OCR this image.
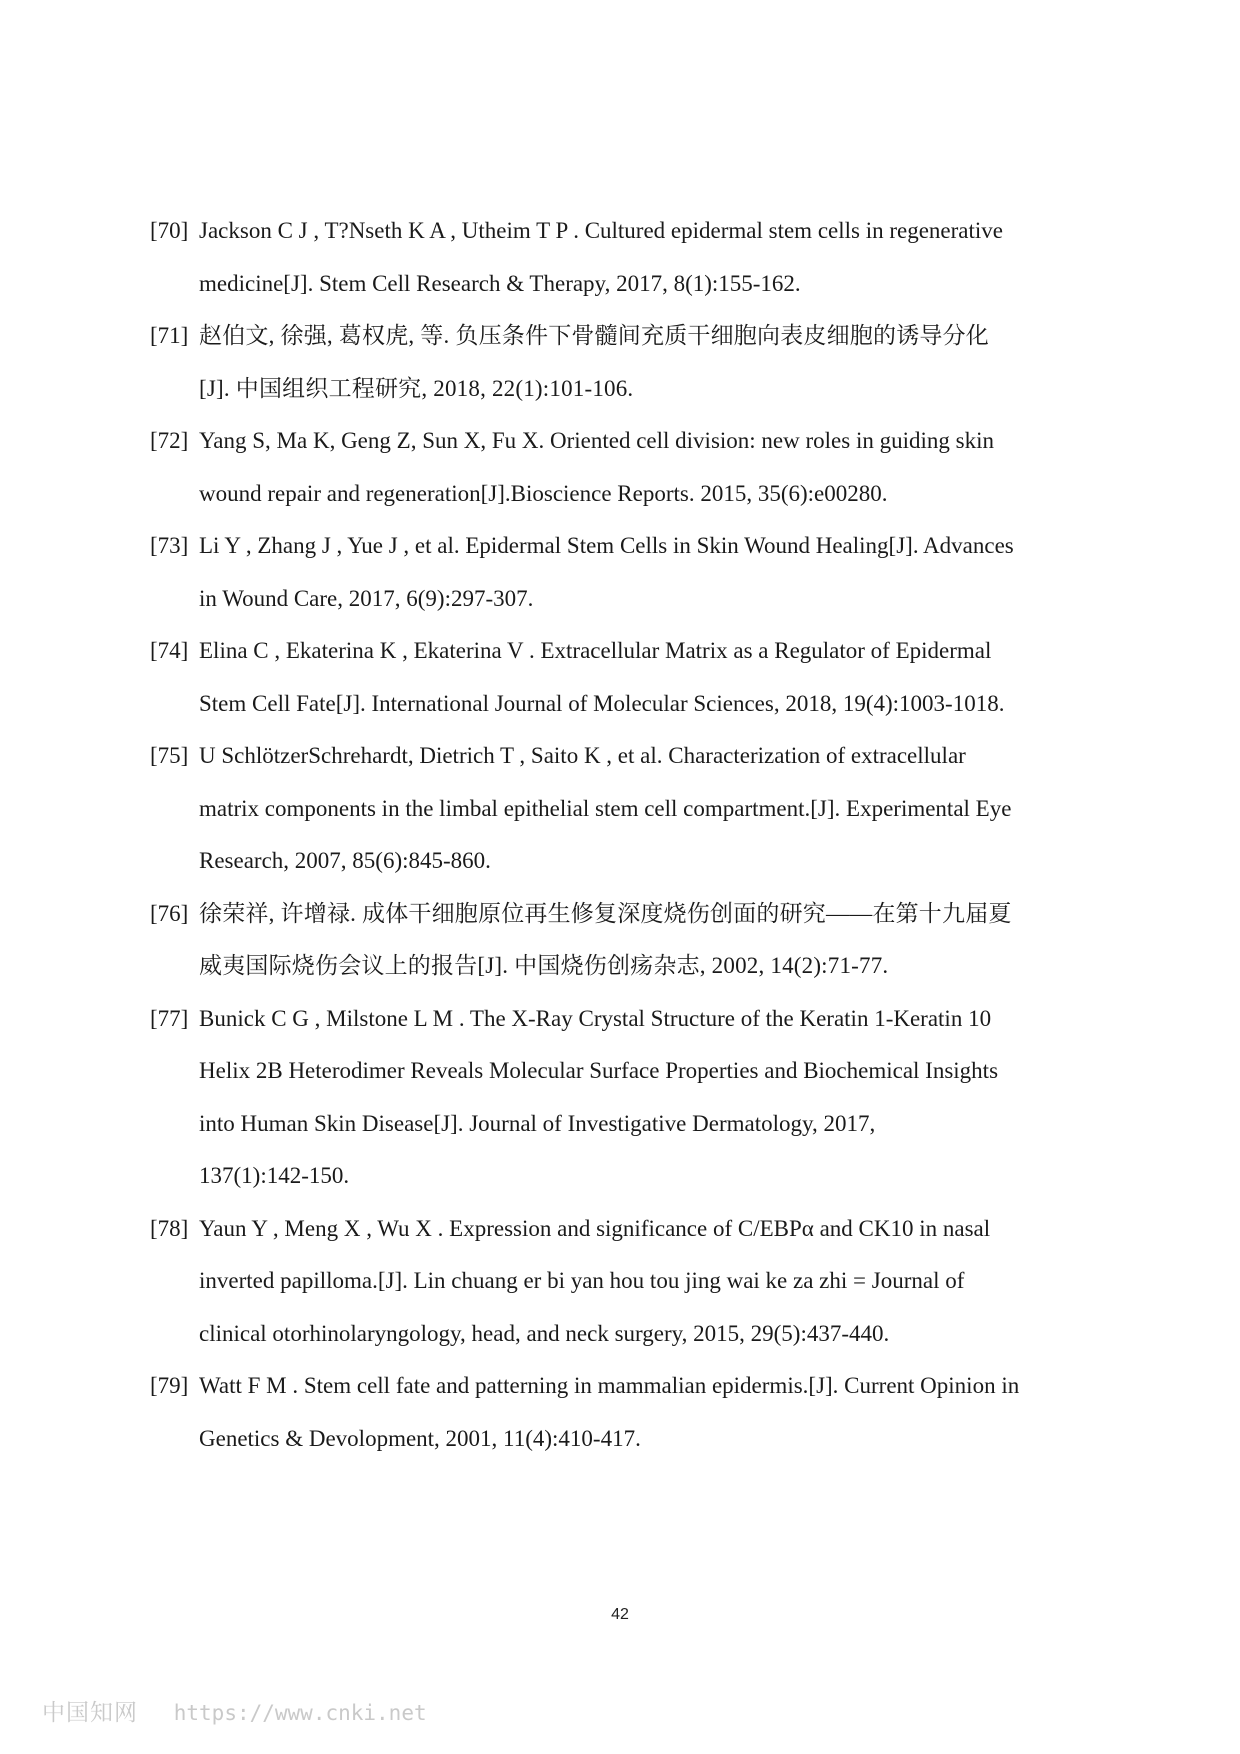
[70] Jackson C J , T?Nseth K A , Utheim T P . Cultured epidermal stem cells in regenerative
medicine[J]. Stem Cell Research & Therapy, 2017, 8(1):155-162.
[71] 赵伯文, 徐强, 葛权虎, 等. 负压条件下骨髓间充质干细胞向表皮细胞的诱导分化
[J]. 中国组织工程研究, 2018, 22(1):101-106.
[72] Yang S, Ma K, Geng Z, Sun X, Fu X. Oriented cell division: new roles in guiding skin
wound repair and regeneration[J].Bioscience Reports. 2015, 35(6):e00280.
[73] Li Y , Zhang J , Yue J , et al. Epidermal Stem Cells in Skin Wound Healing[J]. Advances
in Wound Care, 2017, 6(9):297-307.
[74] Elina C , Ekaterina K , Ekaterina V . Extracellular Matrix as a Regulator of Epidermal
Stem Cell Fate[J]. International Journal of Molecular Sciences, 2018, 19(4):1003-1018.
[75] U SchlötzerSchrehardt, Dietrich T , Saito K , et al. Characterization of extracellular
matrix components in the limbal epithelial stem cell compartment.[J]. Experimental Eye
Research, 2007, 85(6):845-860.
[76] 徐荣祥, 许增禄. 成体干细胞原位再生修复深度烧伤创面的研究——在第十九届夏
威夷国际烧伤会议上的报告[J]. 中国烧伤创疡杂志, 2002, 14(2):71-77.
[77] Bunick C G , Milstone L M . The X-Ray Crystal Structure of the Keratin 1-Keratin 10
Helix 2B Heterodimer Reveals Molecular Surface Properties and Biochemical Insights
into Human Skin Disease[J]. Journal of Investigative Dermatology, 2017,
137(1):142-150.
[78] Yaun Y , Meng X , Wu X . Expression and significance of C/EBPα and CK10 in nasal
inverted papilloma.[J]. Lin chuang er bi yan hou tou jing wai ke za zhi = Journal of
clinical otorhinolaryngology, head, and neck surgery, 2015, 29(5):437-440.
[79] Watt F M . Stem cell fate and patterning in mammalian epidermis.[J]. Current Opinion in
Genetics & Devolopment, 2001, 11(4):410-417.
42
中国知网 https://www.cnki.net
